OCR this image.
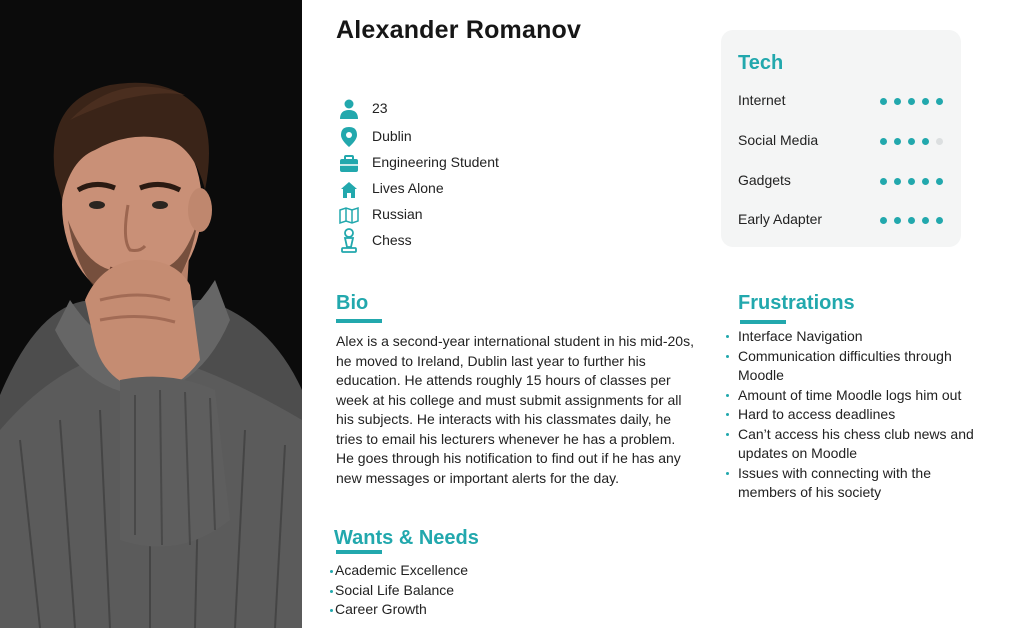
Alexander Romanov
23
Dublin
Engineering Student
Lives Alone
Russian
Chess
Tech
Internet
Social Media
Gadgets
Early Adapter
Bio
Alex is a second-year international student in his mid-20s, he moved to Ireland, Dublin last year to further his education. He attends roughly 15 hours of classes per week at his college and must submit assignments for all his subjects. He interacts with his classmates daily, he tries to email his lecturers whenever he has a problem. He goes through his notification to find out if he has any new messages or important alerts for the day.
Wants & Needs
Academic Excellence
Social Life Balance
Career Growth
Frustrations
Interface Navigation
Communication difficulties through Moodle
Amount of time Moodle logs him out
Hard to access deadlines
Can’t access his chess club news and updates on Moodle
Issues with connecting with the members of his society
